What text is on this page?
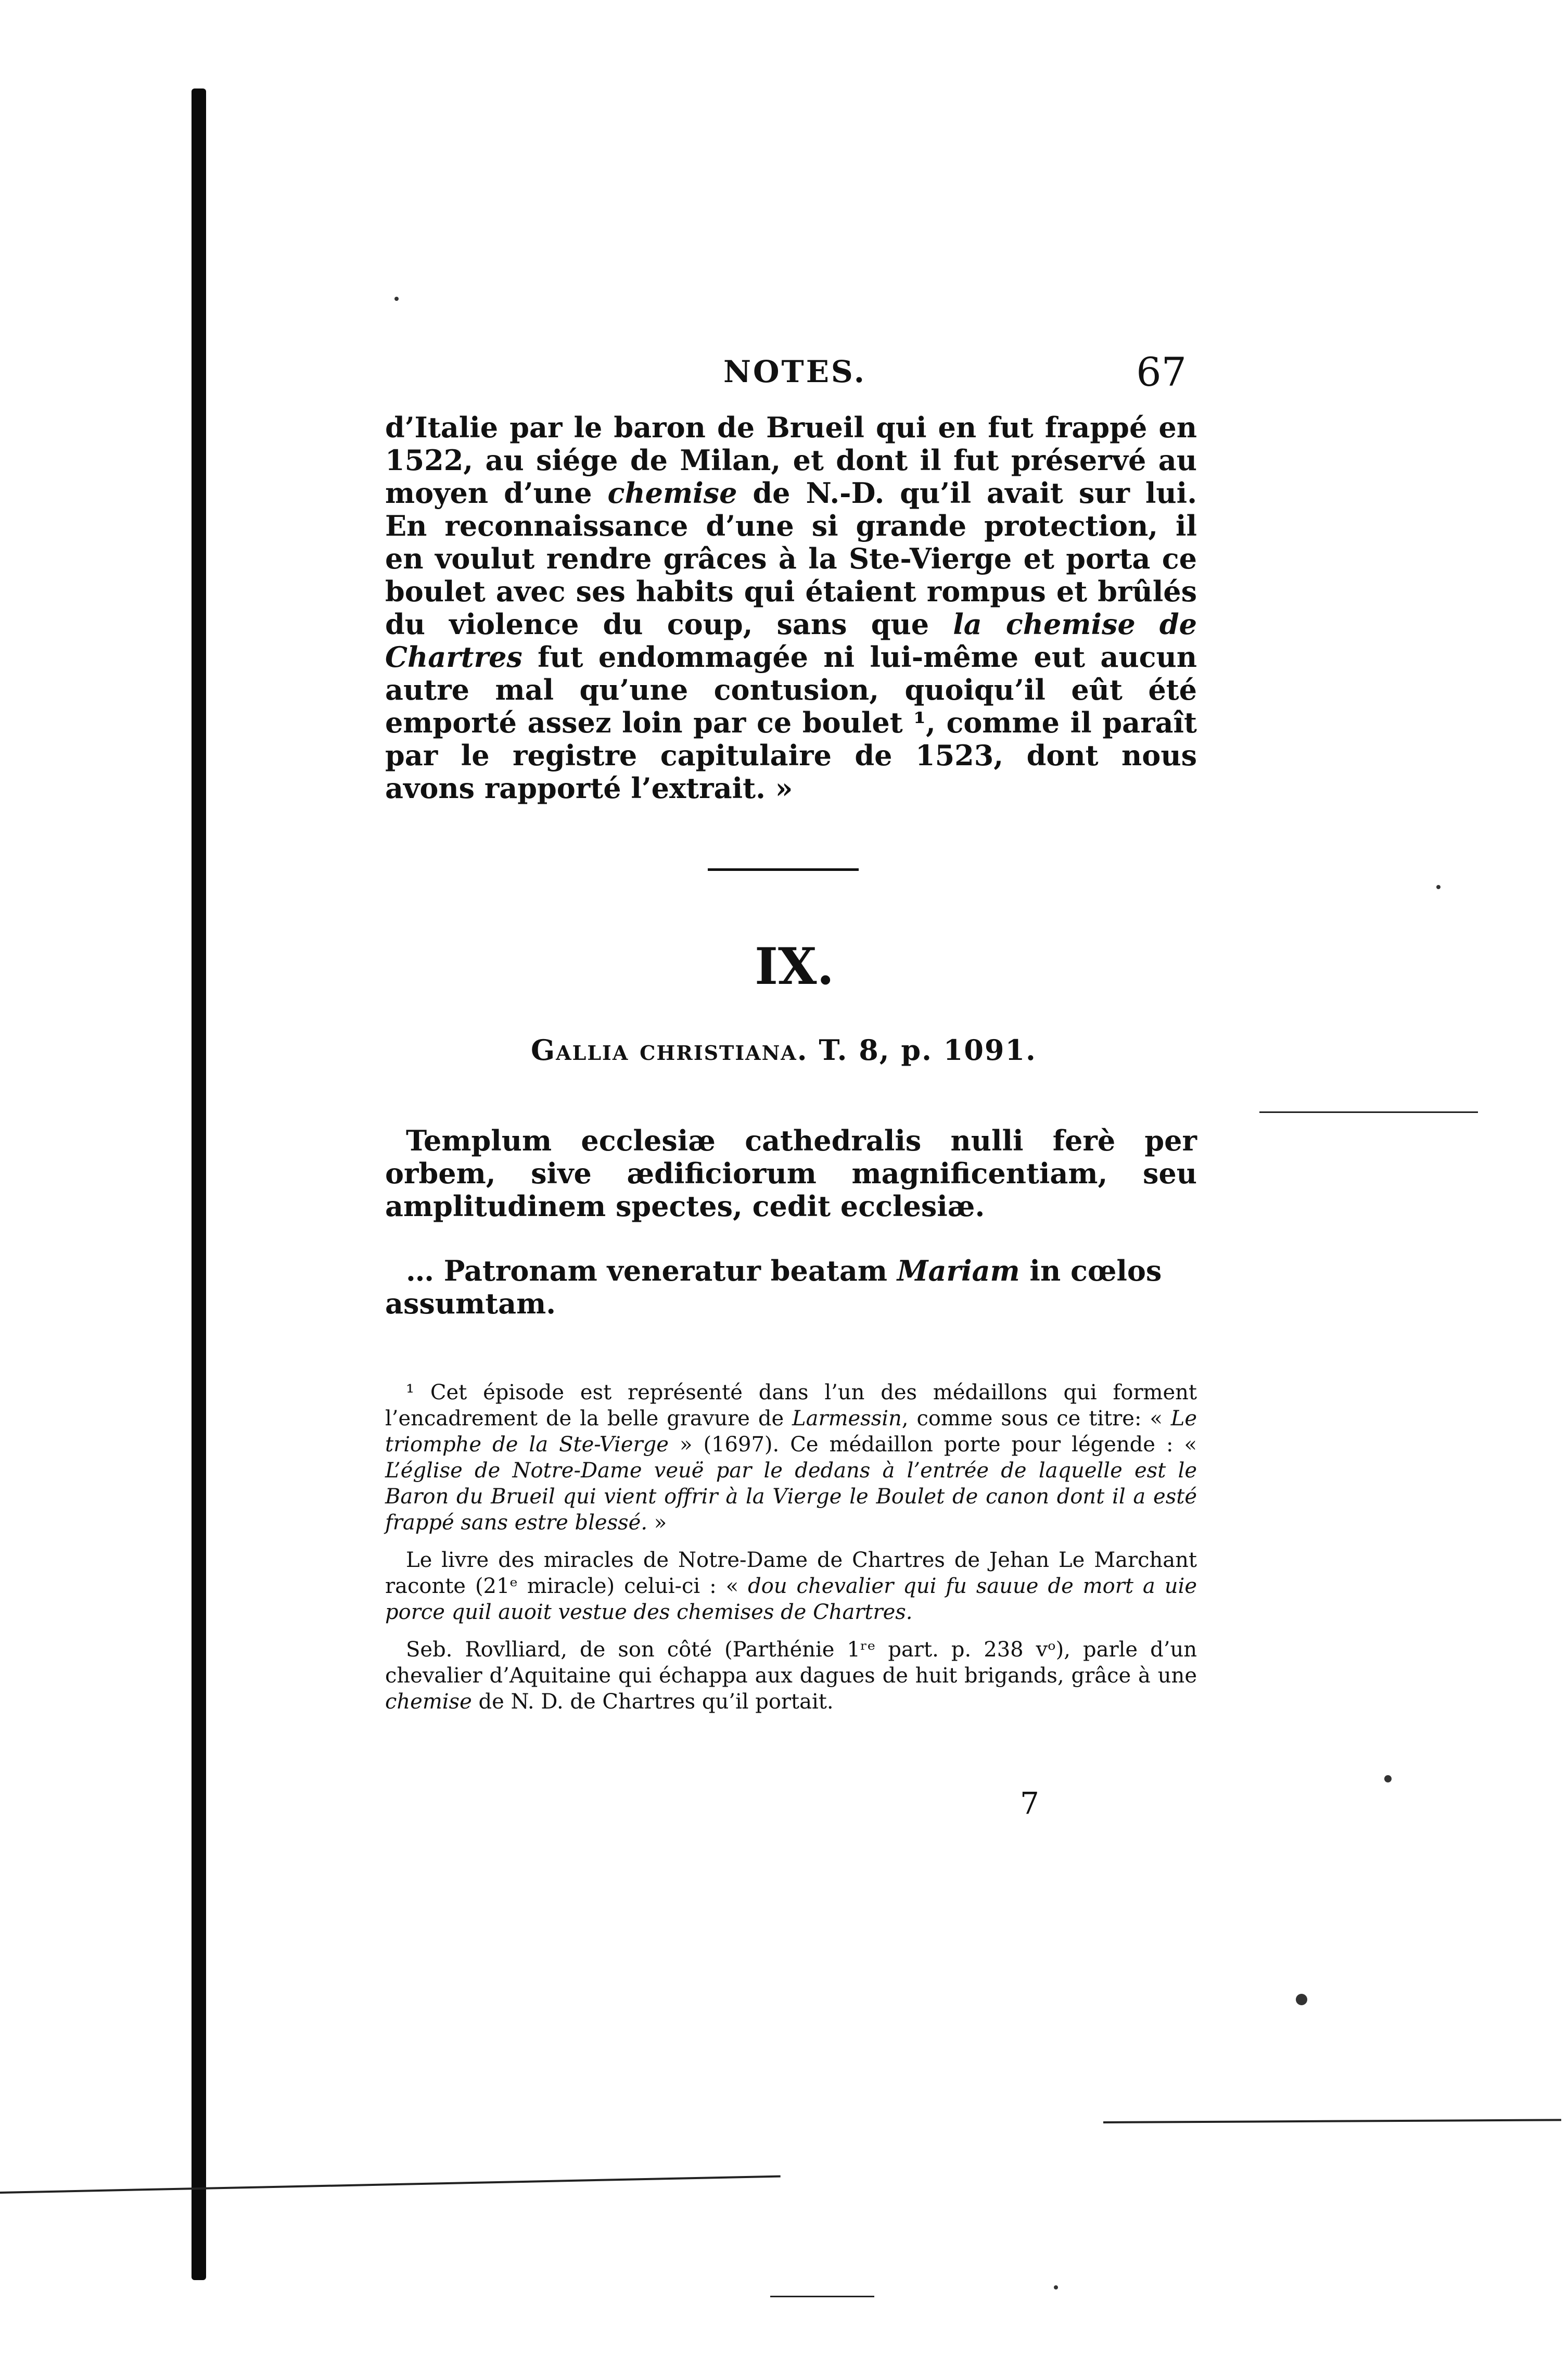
NOTES.	67

d’Italie par le baron de Brueil qui en fut frappé en 1522, au siége de Milan, et dont il fut préservé au moyen d’une chemise de N.-D. qu’il avait sur lui. En reconnaissance d’une si grande protection, il en voulut rendre grâces à la Ste-Vierge et porta ce boulet avec ses habits qui étaient rompus et brûlés du violence du coup, sans que la chemise de Chartres fut endommagée ni lui-même eut aucun autre mal qu’une contusion, quoiqu’il eût été emporté assez loin par ce boulet ¹, comme il paraît par le registre capitulaire de 1523, dont nous avons rapporté l’extrait. »

IX.
Gallia christiana. T. 8, p. 1091.

Templum ecclesiæ cathedralis nulli ferè per orbem, sive ædificiorum magnificentiam, seu amplitudinem spectes, cedit ecclesiæ.

… Patronam veneratur beatam Mariam in cœlos assumtam.

¹ Cet épisode est représenté dans l’un des médaillons qui forment l’encadrement de la belle gravure de Larmessin, comme sous ce titre: « Le triomphe de la Ste-Vierge » (1697). Ce médaillon porte pour légende : « L’église de Notre-Dame veuë par le dedans à l’entrée de laquelle est le Baron du Brueil qui vient offrir à la Vierge le Boulet de canon dont il a esté frappé sans estre blessé. »

Le livre des miracles de Notre-Dame de Chartres de Jehan Le Marchant raconte (21ᵉ miracle) celui-ci : « dou chevalier qui fu sauue de mort a uie porce quil auoit vestue des chemises de Chartres.

Seb. Rovlliard, de son côté (Parthénie 1ʳᵉ part. p. 238 vᵒ), parle d’un chevalier d’Aquitaine qui échappa aux dagues de huit brigands, grâce à une chemise de N. D. de Chartres qu’il portait.

7
